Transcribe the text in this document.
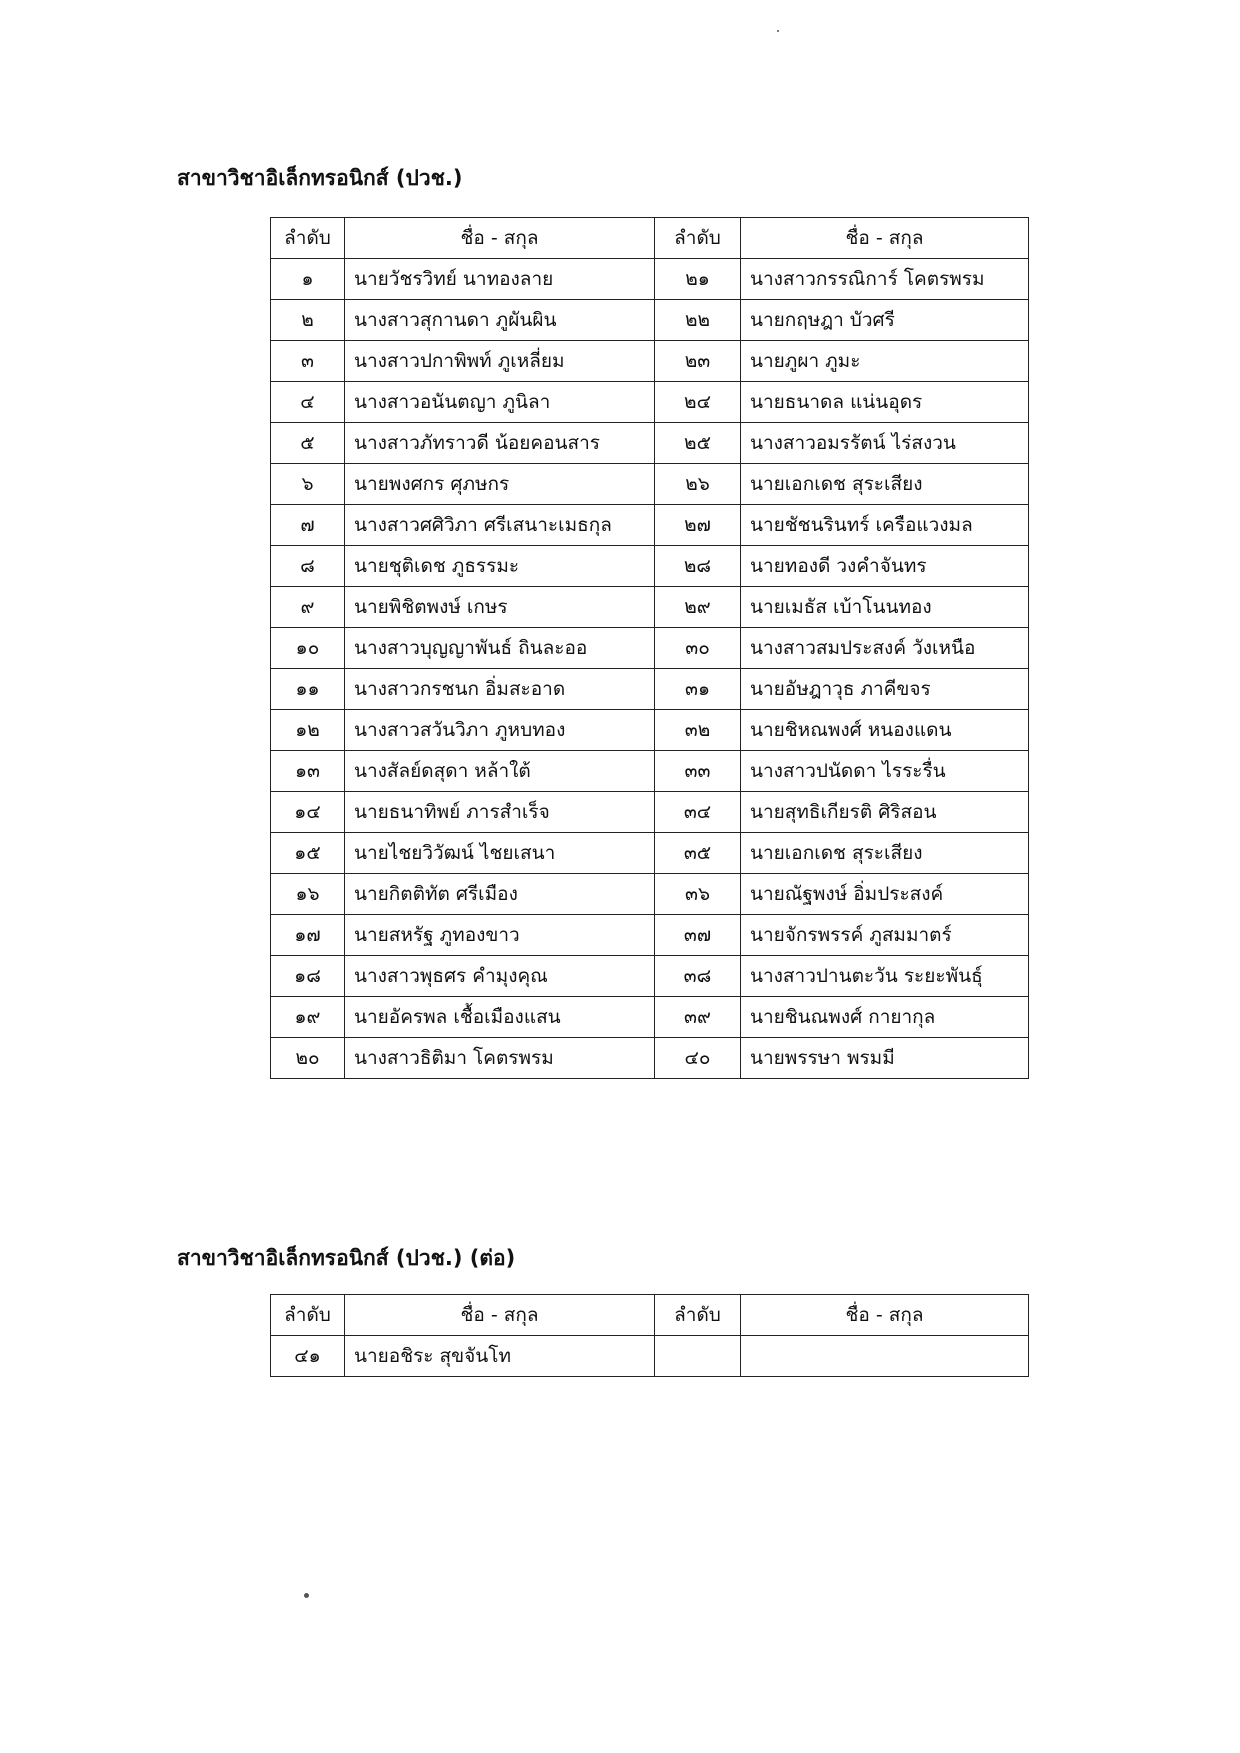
สาขาวิชาอิเล็กทรอนิกส์ (ปวช.)
ลำดับ	ชื่อ - สกุล	ลำดับ	ชื่อ - สกุล
๑	นายวัชรวิทย์ นาทองลาย	๒๑	นางสาวกรรณิการ์ โคตรพรม
๒	นางสาวสุกานดา ภูผันผิน	๒๒	นายกฤษฎา บัวศรี
๓	นางสาวปกาพิพท์ ภูเหลี่ยม	๒๓	นายภูผา ภูมะ
๔	นางสาวอนันตญา ภูนิลา	๒๔	นายธนาดล แน่นอุดร
๕	นางสาวภัทราวดี น้อยคอนสาร	๒๕	นางสาวอมรรัตน์ ไร่สงวน
๖	นายพงศกร ศุภษกร	๒๖	นายเอกเดช สุระเสียง
๗	นางสาวศศิวิภา ศรีเสนาะเมธกุล	๒๗	นายชัชนรินทร์ เครือแวงมล
๘	นายชุติเดช ภูธรรมะ	๒๘	นายทองดี วงคำจันทร
๙	นายพิชิตพงษ์ เกษร	๒๙	นายเมธัส เบ้าโนนทอง
๑๐	นางสาวบุญญาพันธ์ ถินละออ	๓๐	นางสาวสมประสงค์ วังเหนือ
๑๑	นางสาวกรชนก อิ่มสะอาด	๓๑	นายอัษฎาวุธ ภาคีขจร
๑๒	นางสาวสวันวิภา ภูหบทอง	๓๒	นายชิหณพงศ์ หนองแดน
๑๓	นางสัลย์ดสุดา หล้าใต้	๓๓	นางสาวปนัดดา ไรระรื่น
๑๔	นายธนาทิพย์ ภารสำเร็จ	๓๔	นายสุทธิเกียรติ ศิริสอน
๑๕	นายไชยวิวัฒน์ ไชยเสนา	๓๕	นายเอกเดช สุระเสียง
๑๖	นายกิตติทัต ศรีเมือง	๓๖	นายณัฐพงษ์ อิ่มประสงค์
๑๗	นายสหรัฐ ภูทองขาว	๓๗	นายจักรพรรค์ ภูสมมาตร์
๑๘	นางสาวพุธศร คำมุงคุณ	๓๘	นางสาวปานตะวัน ระยะพันธุ์
๑๙	นายอัครพล เชื้อเมืองแสน	๓๙	นายชินณพงศ์ กายากุล
๒๐	นางสาวธิติมา โคตรพรม	๔๐	นายพรรษา พรมมี
สาขาวิชาอิเล็กทรอนิกส์ (ปวช.) (ต่อ)
ลำดับ	ชื่อ - สกุล	ลำดับ	ชื่อ - สกุล
๔๑	นายอชิระ สุขจันโท		
